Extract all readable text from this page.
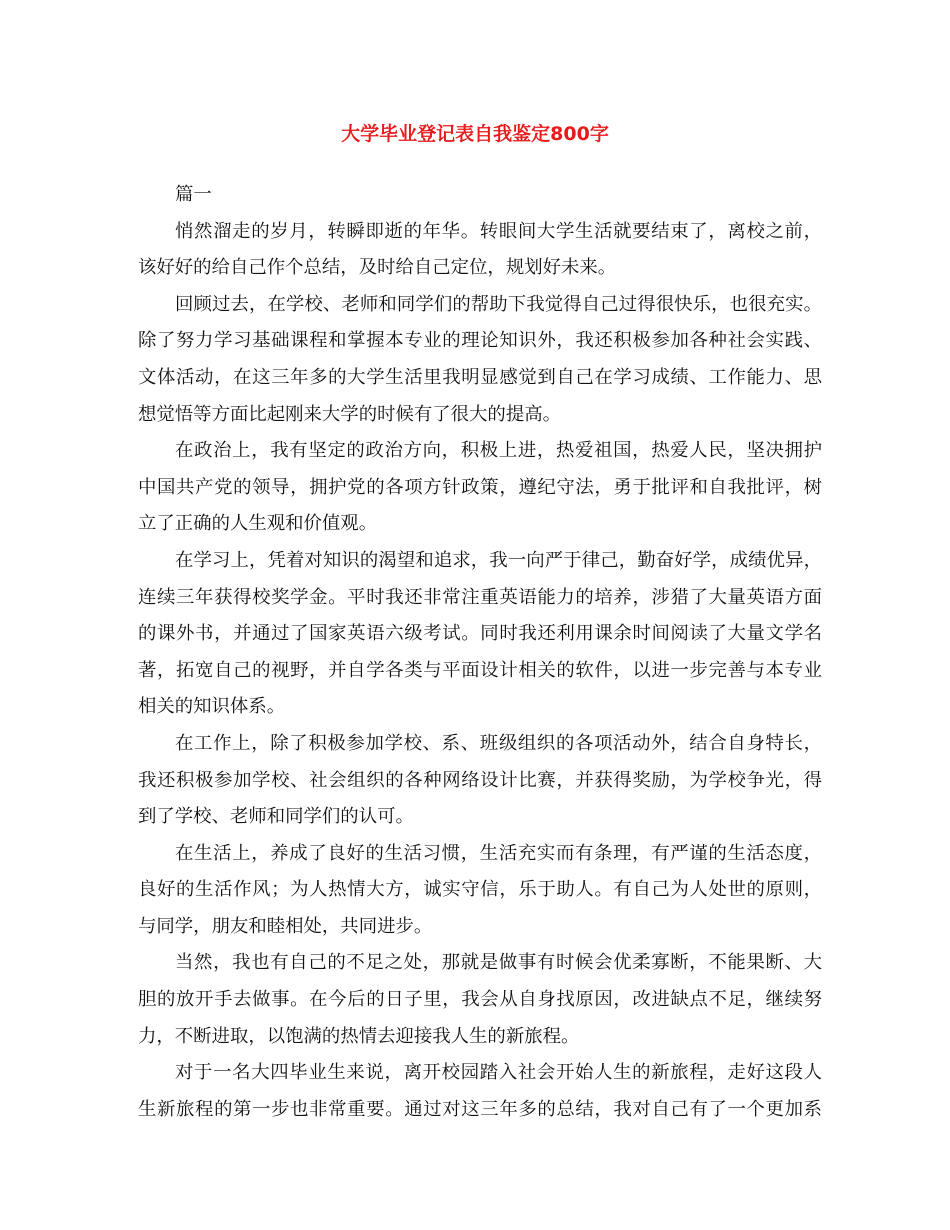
大学毕业登记表自我鉴定800字
篇一
悄然溜走的岁月，转瞬即逝的年华。转眼间大学生活就要结束了，离校之前，
该好好的给自己作个总结，及时给自己定位，规划好未来。
回顾过去，在学校、老师和同学们的帮助下我觉得自己过得很快乐，也很充实。
除了努力学习基础课程和掌握本专业的理论知识外，我还积极参加各种社会实践、
文体活动，在这三年多的大学生活里我明显感觉到自己在学习成绩、工作能力、思
想觉悟等方面比起刚来大学的时候有了很大的提高。
在政治上，我有坚定的政治方向，积极上进，热爱祖国，热爱人民，坚决拥护
中国共产党的领导，拥护党的各项方针政策，遵纪守法，勇于批评和自我批评，树
立了正确的人生观和价值观。
在学习上，凭着对知识的渴望和追求，我一向严于律己，勤奋好学，成绩优异，
连续三年获得校奖学金。平时我还非常注重英语能力的培养，涉猎了大量英语方面
的课外书，并通过了国家英语六级考试。同时我还利用课余时间阅读了大量文学名
著，拓宽自己的视野，并自学各类与平面设计相关的软件，以进一步完善与本专业
相关的知识体系。
在工作上，除了积极参加学校、系、班级组织的各项活动外，结合自身特长，
我还积极参加学校、社会组织的各种网络设计比赛，并获得奖励，为学校争光，得
到了学校、老师和同学们的认可。
在生活上，养成了良好的生活习惯，生活充实而有条理，有严谨的生活态度，
良好的生活作风；为人热情大方，诚实守信，乐于助人。有自己为人处世的原则，
与同学，朋友和睦相处，共同进步。
当然，我也有自己的不足之处，那就是做事有时候会优柔寡断，不能果断、大
胆的放开手去做事。在今后的日子里，我会从自身找原因，改进缺点不足，继续努
力，不断进取，以饱满的热情去迎接我人生的新旅程。
对于一名大四毕业生来说，离开校园踏入社会开始人生的新旅程，走好这段人
生新旅程的第一步也非常重要。通过对这三年多的总结，我对自己有了一个更加系
